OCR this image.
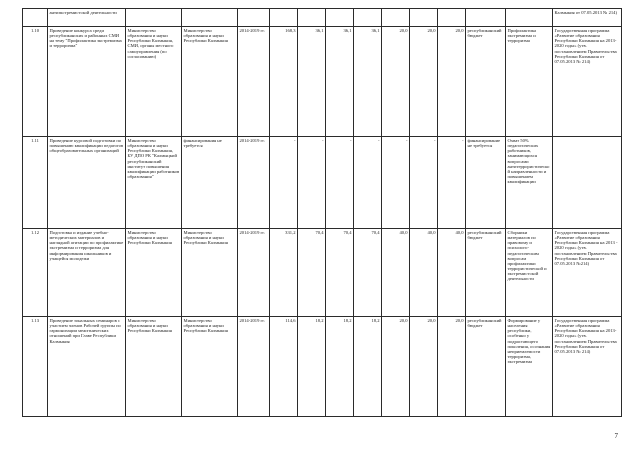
	антиэкстремистской деятельности													Калмыкия от 07.05.2013 № 214)
1.10	Проведение конкурса среди республиканских и районных СМИ на тему "Профилактика экстремизма и терроризма"	Министерство образования и науки Республики Калмыкия, СМИ, органы местного самоуправления (по согласованию)	Министерство образования и науки Республики Калмыкия	2014-2019 гг.	168,3	36,1	36,1	36,1	20,0	20,0	20,0	республиканский бюджет	Профилактика экстремизма и терроризма	Государственная программа «Развитие образования Республики Калмыкия на 2013-2020 годы» (утв. постановлением Правительства Республики Калмыкия от 07.05.2013 № 214)
1.11	Проведение курсовой подготовки по повышению квалификации педагогов общеобразовательных организаций	Министерство образования и науки Республики Калмыкия, БУ ДПО РК "Калмыцкий республиканский институт повышения квалификации работников образования"	финансирования не требуется	2014-2019 гг.	-	-	-	-	-	-	-	финансирование не требуется	Охват 50% педагогических работников, занимающихся вопросами антитеррористической направленности и повышением квалификации	
1.12	Подготовка и издание учебно-методических материалов и наглядной агитации по профилактике экстремизма и терроризма для информирования школьников и учащейся молодежи	Министерство образования и науки Республики Калмыкия	Министерство образования и науки Республики Калмыкия	2014-2019 гг.	331,2	70,4	70,4	70,4	40,0	40,0	40,0	республиканский бюджет	Сборники материалов по правовому и психолого-педагогическим вопросам профилактики террористической и экстремистской деятельности	Государственная программа «Развитие образования Республики Калмыкия на 2013 - 2020 годы» (утв. постановлением Правительства Республики Калмыкия от 07.05.2013 №214)
1.13	Проведение зональных семинаров с участием членов Рабочей группы по гармонизации межэтнических отношений при Главе Республики Калмыкия	Министерство образования и науки Республики Калмыкия	Министерство образования и науки Республики Калмыкия	2014-2019 гг.	114,6	18,2	18,2	18,2	20,0	20,0	20,0	республиканский бюджет	Формирование у населения республики, особенно у подрастающего поколения, осознания неприемлемости терроризма, экстремизма	Государственная программа «Развитие образования Республики Калмыкия на 2013-2020 годы» (утв. постановлением Правительства Республики Калмыкия от 07.05.2013 № 214)
7
